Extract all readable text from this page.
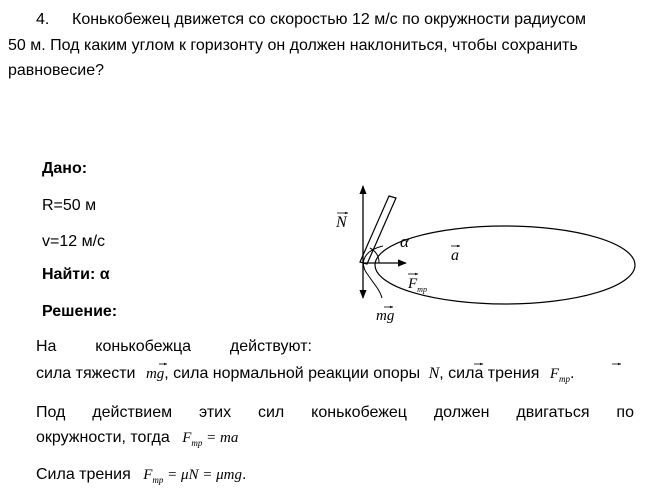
4. Конькобежец движется со скоростью 12 м/с по окружности радиусом
50 м. Под каким углом к горизонту он должен наклониться, чтобы сохранить
равновесие?
Дано:
R=50 м
v=12 м/с
Найти: α
Решение:
N
α
a
$F_{тр}$
mg
На конькобежца действуют:
сила тяжести mg, сила нормальной реакции опоры N, сила трения $F_{тр}$.
Под действием этих сил конькобежец должен двигаться по
окружности, тогда $F_{тр}$ = ma
Сила трения $F_{тр} = \mu N = \mu mg$.
